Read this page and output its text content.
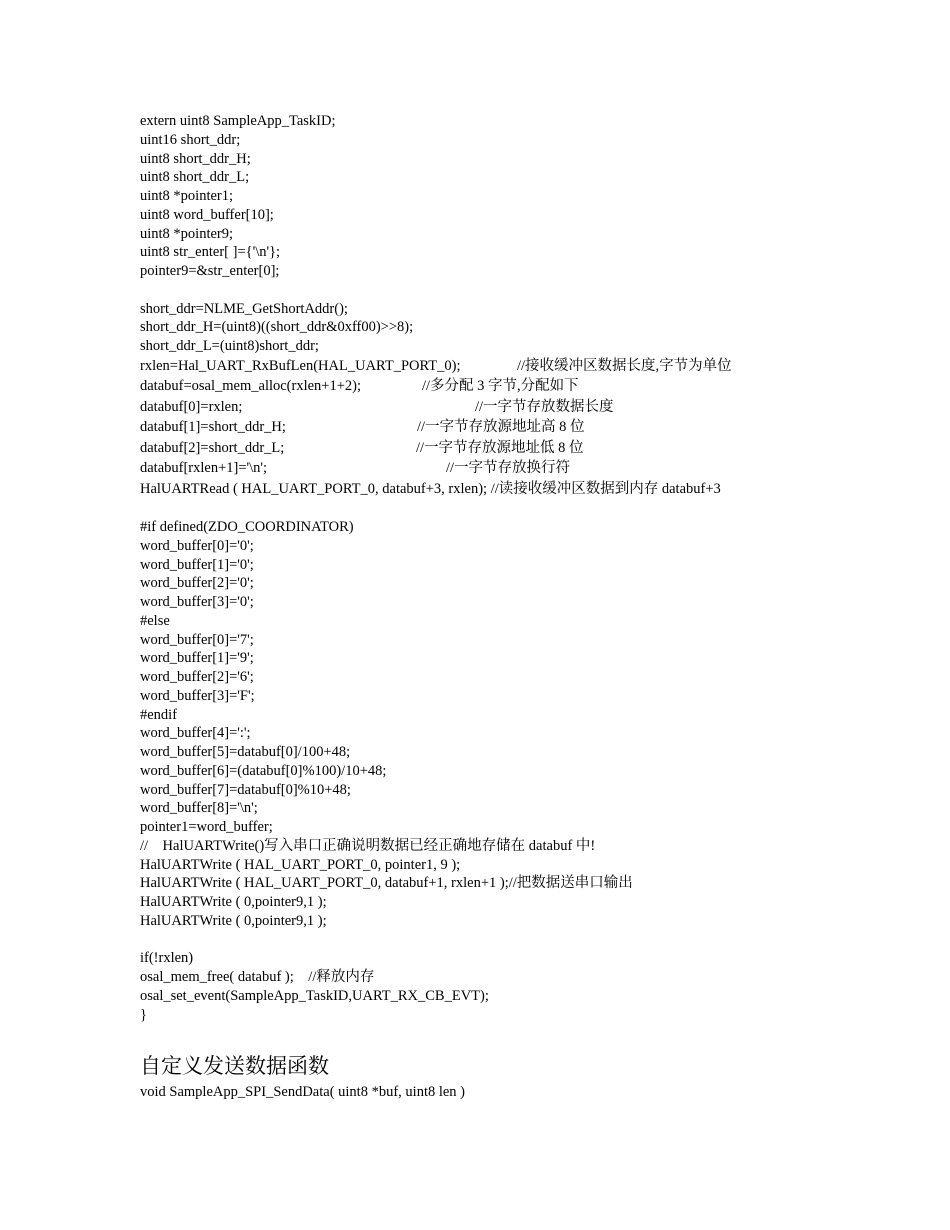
extern uint8 SampleApp_TaskID;
uint16 short_ddr;
uint8 short_ddr_H;
uint8 short_ddr_L;
uint8 *pointer1;
uint8 word_buffer[10];
uint8 *pointer9;
uint8 str_enter[ ]={'\n'};
pointer9=&str_enter[0];
short_ddr=NLME_GetShortAddr();
short_ddr_H=(uint8)((short_ddr&0xff00)>>8);
short_ddr_L=(uint8)short_ddr;
rxlen=Hal_UART_RxBufLen(HAL_UART_PORT_0);	//接收缓冲区数据长度,字节为单位
databuf=osal_mem_alloc(rxlen+1+2);	//多分配 3 字节,分配如下
databuf[0]=rxlen;	//一字节存放数据长度
databuf[1]=short_ddr_H;	//一字节存放源地址高 8 位
databuf[2]=short_ddr_L;	//一字节存放源地址低 8 位
databuf[rxlen+1]='\n';	//一字节存放换行符
HalUARTRead ( HAL_UART_PORT_0, databuf+3, rxlen); //读接收缓冲区数据到内存 databuf+3
#if defined(ZDO_COORDINATOR)
word_buffer[0]='0';
word_buffer[1]='0';
word_buffer[2]='0';
word_buffer[3]='0';
#else
word_buffer[0]='7';
word_buffer[1]='9';
word_buffer[2]='6';
word_buffer[3]='F';
#endif
word_buffer[4]=':';
word_buffer[5]=databuf[0]/100+48;
word_buffer[6]=(databuf[0]%100)/10+48;
word_buffer[7]=databuf[0]%10+48;
word_buffer[8]='\n';
pointer1=word_buffer;
//    HalUARTWrite()写入串口正确说明数据已经正确地存储在 databuf 中!
HalUARTWrite ( HAL_UART_PORT_0, pointer1, 9 );
HalUARTWrite ( HAL_UART_PORT_0, databuf+1, rxlen+1 );//把数据送串口输出
HalUARTWrite ( 0,pointer9,1 );
HalUARTWrite ( 0,pointer9,1 );
if(!rxlen)
osal_mem_free( databuf );    //释放内存
osal_set_event(SampleApp_TaskID,UART_RX_CB_EVT);
}
自定义发送数据函数
void SampleApp_SPI_SendData( uint8 *buf, uint8 len )
